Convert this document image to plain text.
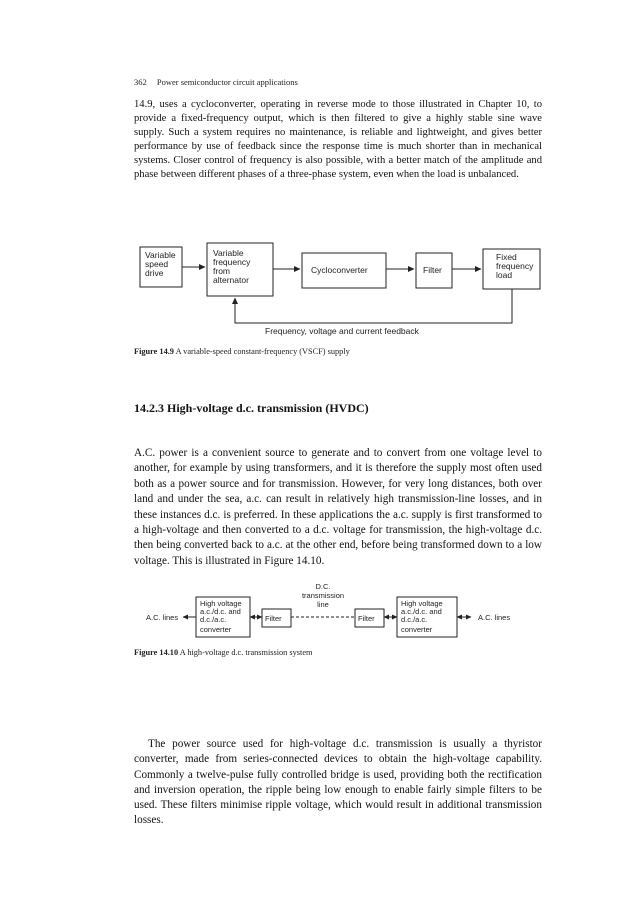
362 Power semiconductor circuit applications

14.9, uses a cycloconverter, operating in reverse mode to those illustrated in Chapter 10, to provide a fixed-frequency output, which is then filtered to give a highly stable sine wave supply. Such a system requires no maintenance, is reliable and lightweight, and gives better performance by use of feedback since the response time is much shorter than in mechanical systems. Closer control of frequency is also possible, with a better match of the amplitude and phase between different phases of a three-phase system, even when the load is unbalanced.

Variable
speed
drive
Variable
frequency
from
alternator
Cycloconverter	Filter
Fixed
frequency
load
Frequency, voltage and current feedback
Figure 14.9 A variable-speed constant-frequency (VSCF) supply
14.2.3 High-voltage d.c. transmission (HVDC)

A.C. power is a convenient source to generate and to convert from one voltage level to another, for example by using transformers, and it is therefore the supply most often used both as a power source and for transmission. However, for very long distances, both over land and under the sea, a.c. can result in relatively high transmission-line losses, and in these instances d.c. is preferred. In these applications the a.c. supply is first transformed to a high-voltage and then converted to a d.c. voltage for transmission, the high-voltage d.c. then being converted back to a.c. at the other end, before being transformed down to a low voltage. This is illustrated in Figure 14.10.

A.C. lines
High voltage
a.c./d.c. and
d.c./a.c.
converter
Filter	Filter
D.C.
transmission
line	High voltage
a.c./d.c. and
d.c./a.c.
converter
A.C. lines
Figure 14.10 A high-voltage d.c. transmission system

The power source used for high-voltage d.c. transmission is usually a thyristor converter, made from series-connected devices to obtain the high-voltage capability. Commonly a twelve-pulse fully controlled bridge is used, providing both the rectification and inversion operation, the ripple being low enough to enable fairly simple filters to be used. These filters minimise ripple voltage, which would result in additional transmission losses.
